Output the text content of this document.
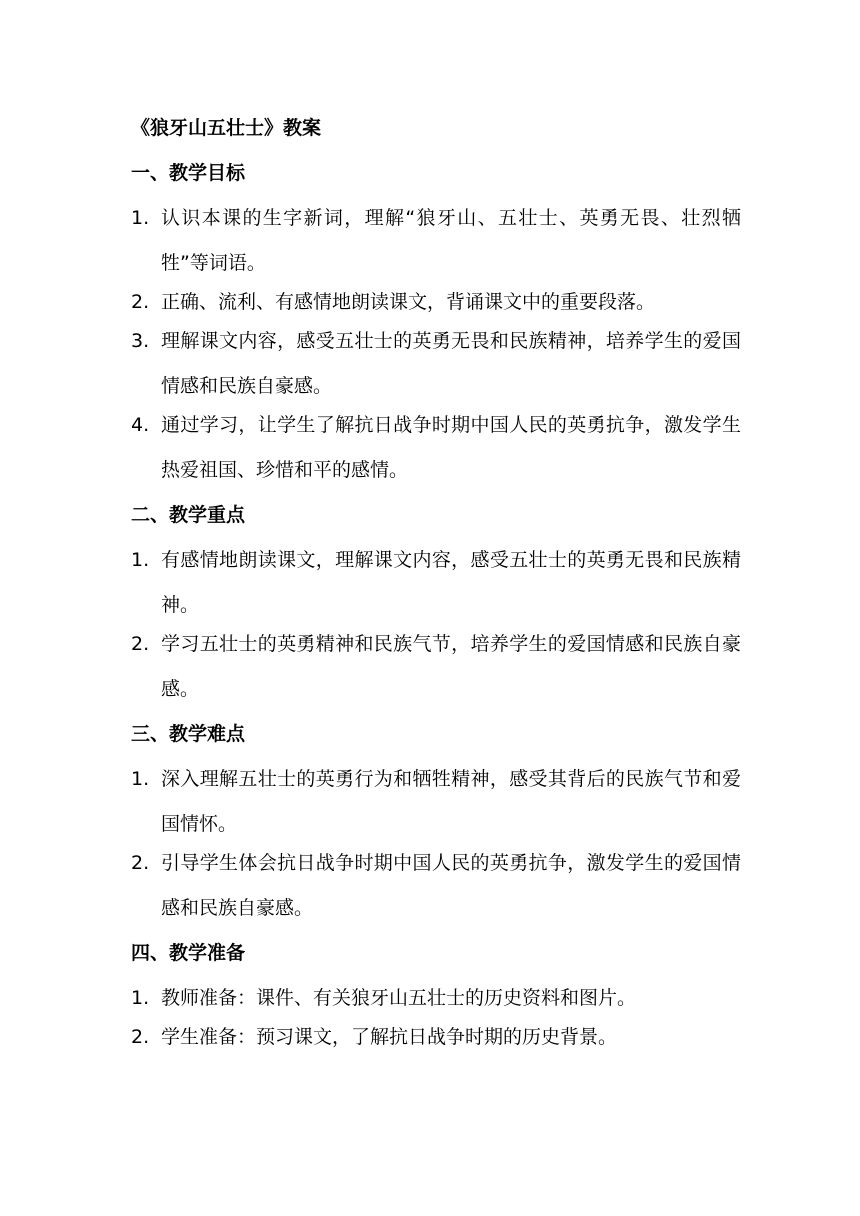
《狼牙山五壮士》教案
一、教学目标
1. 认识本课的生字新词，理解“狼牙山、五壮士、英勇无畏、壮烈牺牲”等词语。
2. 正确、流利、有感情地朗读课文，背诵课文中的重要段落。
3. 理解课文内容，感受五壮士的英勇无畏和民族精神，培养学生的爱国情感和民族自豪感。
4. 通过学习，让学生了解抗日战争时期中国人民的英勇抗争，激发学生热爱祖国、珍惜和平的感情。
二、教学重点
1. 有感情地朗读课文，理解课文内容，感受五壮士的英勇无畏和民族精神。
2. 学习五壮士的英勇精神和民族气节，培养学生的爱国情感和民族自豪感。
三、教学难点
1. 深入理解五壮士的英勇行为和牺牲精神，感受其背后的民族气节和爱国情怀。
2. 引导学生体会抗日战争时期中国人民的英勇抗争，激发学生的爱国情感和民族自豪感。
四、教学准备
1. 教师准备：课件、有关狼牙山五壮士的历史资料和图片。
2. 学生准备：预习课文，了解抗日战争时期的历史背景。
